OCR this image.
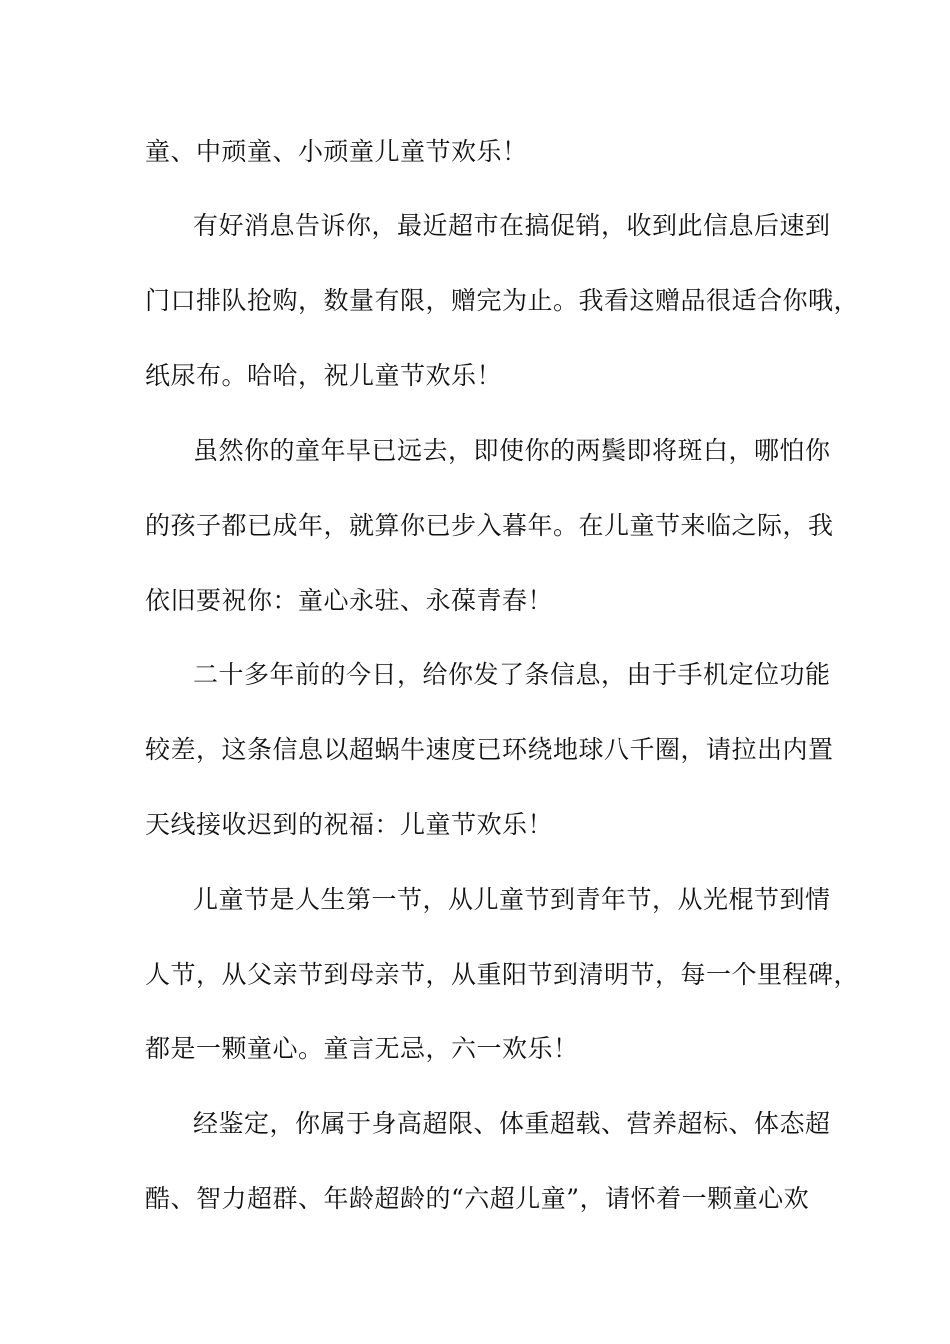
童、中顽童、小顽童儿童节欢乐！
有好消息告诉你，最近超市在搞促销，收到此信息后速到
门口排队抢购，数量有限，赠完为止。我看这赠品很适合你哦，
纸尿布。哈哈，祝儿童节欢乐！
虽然你的童年早已远去，即使你的两鬓即将斑白，哪怕你
的孩子都已成年，就算你已步入暮年。在儿童节来临之际，我
依旧要祝你：童心永驻、永葆青春！
二十多年前的今日，给你发了条信息，由于手机定位功能
较差，这条信息以超蜗牛速度已环绕地球八千圈，请拉出内置
天线接收迟到的祝福：儿童节欢乐！
儿童节是人生第一节，从儿童节到青年节，从光棍节到情
人节，从父亲节到母亲节，从重阳节到清明节，每一个里程碑，
都是一颗童心。童言无忌，六一欢乐！
经鉴定，你属于身高超限、体重超载、营养超标、体态超
酷、智力超群、年龄超龄的“六超儿童”，请怀着一颗童心欢
